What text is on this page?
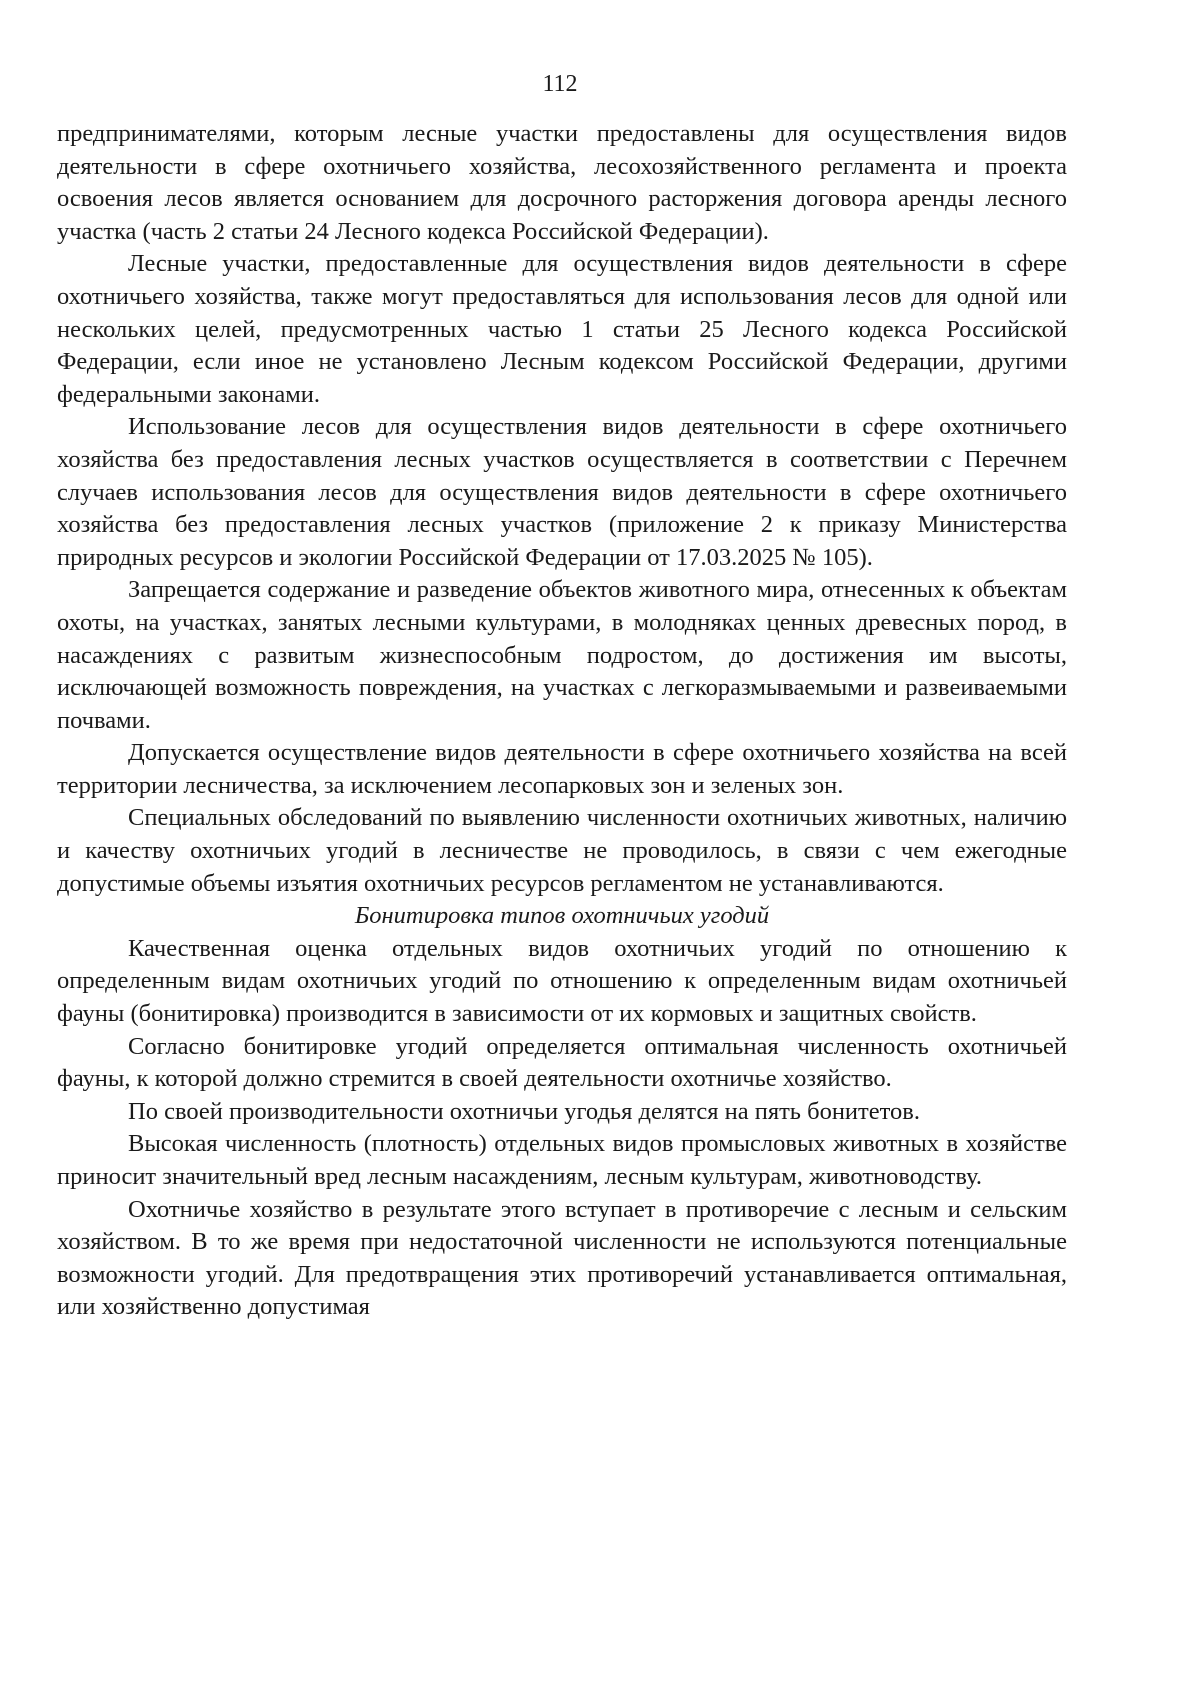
112

предпринимателями, которым лесные участки предоставлены для осуществления видов деятельности в сфере охотничьего хозяйства, лесохозяйственного регламента и проекта освоения лесов является основанием для досрочного расторжения договора аренды лесного участка (часть 2 статьи 24 Лесного кодекса Российской Федерации).

Лесные участки, предоставленные для осуществления видов деятельности в сфере охотничьего хозяйства, также могут предоставляться для использования лесов для одной или нескольких целей, предусмотренных частью 1 статьи 25 Лесного кодекса Российской Федерации, если иное не установлено Лесным кодексом Российской Федерации, другими федеральными законами.

Использование лесов для осуществления видов деятельности в сфере охотничьего хозяйства без предоставления лесных участков осуществляется в соответствии с Перечнем случаев использования лесов для осуществления видов деятельности в сфере охотничьего хозяйства без предоставления лесных участков (приложение 2 к приказу Министерства природных ресурсов и экологии Российской Федерации от 17.03.2025 № 105).

Запрещается содержание и разведение объектов животного мира, отнесенных к объектам охоты, на участках, занятых лесными культурами, в молодняках ценных древесных пород, в насаждениях с развитым жизнеспособным подростом, до достижения им высоты, исключающей возможность повреждения, на участках с легкоразмываемыми и развеиваемыми почвами.

Допускается осуществление видов деятельности в сфере охотничьего хозяйства на всей территории лесничества, за исключением лесопарковых зон и зеленых зон.

Специальных обследований по выявлению численности охотничьих животных, наличию и качеству охотничьих угодий в лесничестве не проводилось, в связи с чем ежегодные допустимые объемы изъятия охотничьих ресурсов регламентом не устанавливаются.

Бонитировка типов охотничьих угодий

Качественная оценка отдельных видов охотничьих угодий по отношению к определенным видам охотничьих угодий по отношению к определенным видам охотничьей фауны (бонитировка) производится в зависимости от их кормовых и защитных свойств.

Согласно бонитировке угодий определяется оптимальная численность охотничьей фауны, к которой должно стремится в своей деятельности охотничье хозяйство.

По своей производительности охотничьи угодья делятся на пять бонитетов.

Высокая численность (плотность) отдельных видов промысловых животных в хозяйстве приносит значительный вред лесным насаждениям, лесным культурам, животноводству.

Охотничье хозяйство в результате этого вступает в противоречие с лесным и сельским хозяйством. В то же время при недостаточной численности не используются потенциальные возможности угодий. Для предотвращения этих противоречий устанавливается оптимальная, или хозяйственно допустимая
